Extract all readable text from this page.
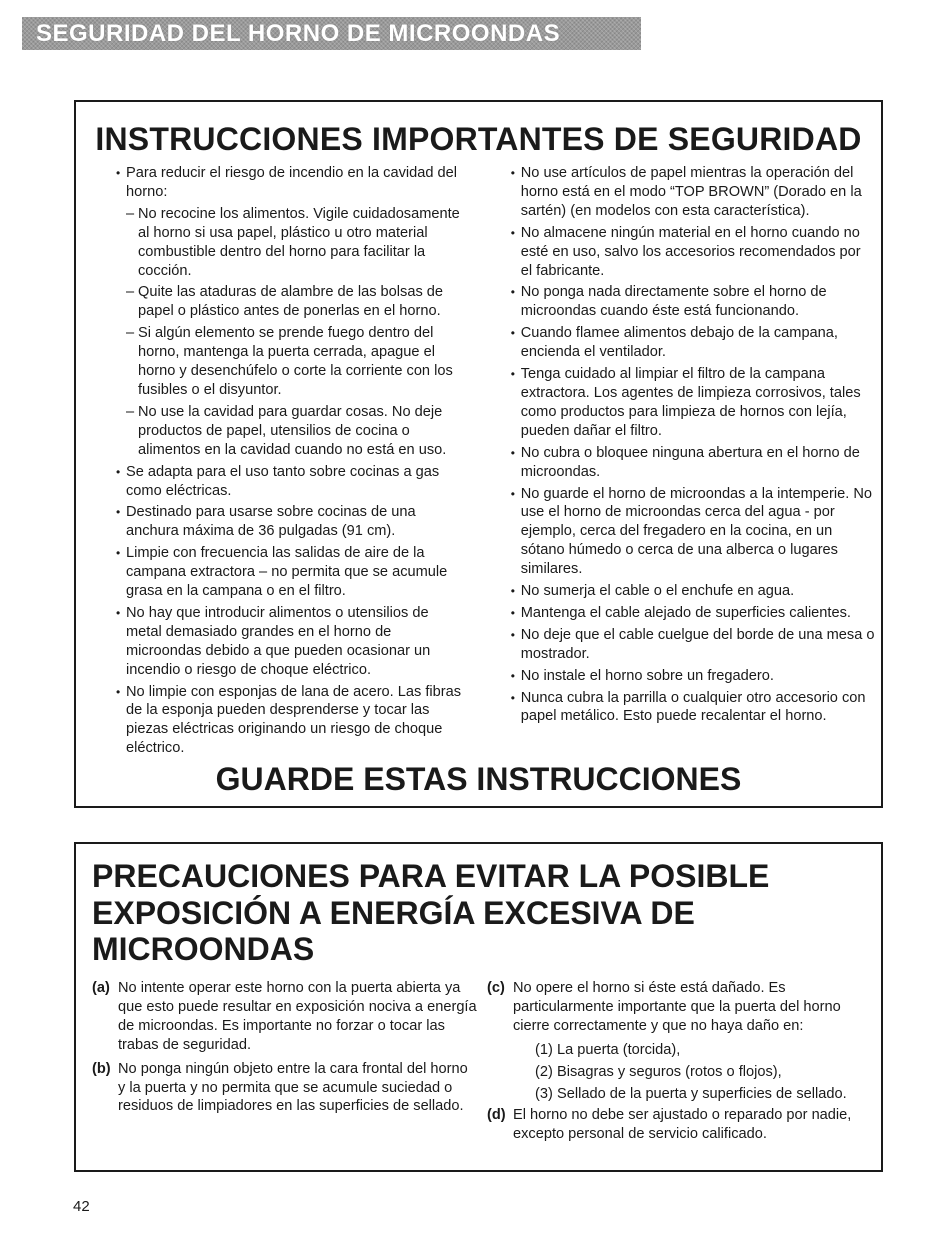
SEGURIDAD DEL HORNO DE MICROONDAS
INSTRUCCIONES IMPORTANTES DE SEGURIDAD
• Para reducir el riesgo de incendio en la cavidad del horno:
– No recocine los alimentos. Vigile cuidadosamente al horno si usa papel, plástico u otro material combustible dentro del horno para facilitar la cocción.
– Quite las ataduras de alambre de las bolsas de papel o plástico antes de ponerlas en el horno.
– Si algún elemento se prende fuego dentro del horno, mantenga la puerta cerrada, apague el horno y desenchúfelo o corte la corriente con los fusibles o el disyuntor.
– No use la cavidad para guardar cosas. No deje productos de papel, utensilios de cocina o alimentos en la cavidad cuando no está en uso.
• Se adapta para el uso tanto sobre cocinas a gas como eléctricas.
• Destinado para usarse sobre cocinas de una anchura máxima de 36 pulgadas (91 cm).
• Limpie con frecuencia las salidas de aire de la campana extractora – no permita que se acumule grasa en la campana o en el filtro.
• No hay que introducir alimentos o utensilios de metal demasiado grandes en el horno de microondas debido a que pueden ocasionar un incendio o riesgo de choque eléctrico.
• No limpie con esponjas de lana de acero. Las fibras de la esponja pueden desprenderse y tocar las piezas eléctricas originando un riesgo de choque eléctrico.
• No use artículos de papel mientras la operación del horno está en el modo “TOP BROWN” (Dorado en la sartén) (en modelos con esta característica).
• No almacene ningún material en el horno cuando no esté en uso, salvo los accesorios recomendados por el fabricante.
• No ponga nada directamente sobre el horno de microondas cuando éste está funcionando.
• Cuando flamee alimentos debajo de la campana, encienda el ventilador.
• Tenga cuidado al limpiar el filtro de la campana extractora. Los agentes de limpieza corrosivos, tales como productos para limpieza de hornos con lejía, pueden dañar el filtro.
• No cubra o bloquee ninguna abertura en el horno de microondas.
• No guarde el horno de microondas a la intemperie. No use el horno de microondas cerca del agua - por ejemplo, cerca del fregadero en la cocina, en un sótano húmedo o cerca de una alberca o lugares similares.
• No sumerja el cable o el enchufe en agua.
• Mantenga el cable alejado de superficies calientes.
• No deje que el cable cuelgue del borde de una mesa o mostrador.
• No instale el horno sobre un fregadero.
• Nunca cubra la parrilla o cualquier otro accesorio con papel metálico. Esto puede recalentar el horno.
GUARDE ESTAS INSTRUCCIONES
PRECAUCIONES PARA EVITAR LA POSIBLE EXPOSICIÓN A ENERGÍA EXCESIVA DE MICROONDAS
(a) No intente operar este horno con la puerta abierta ya que esto puede resultar en exposición nociva a energía de microondas. Es importante no forzar o tocar las trabas de seguridad.
(b) No ponga ningún objeto entre la cara frontal del horno y la puerta y no permita que se acumule suciedad o residuos de limpiadores en las superficies de sellado.
(c) No opere el horno si éste está dañado. Es particularmente importante que la puerta del horno cierre correctamente y que no haya daño en:
(1) La puerta (torcida),
(2) Bisagras y seguros (rotos o flojos),
(3) Sellado de la puerta y superficies de sellado.
(d) El horno no debe ser ajustado o reparado por nadie, excepto personal de servicio calificado.
42
